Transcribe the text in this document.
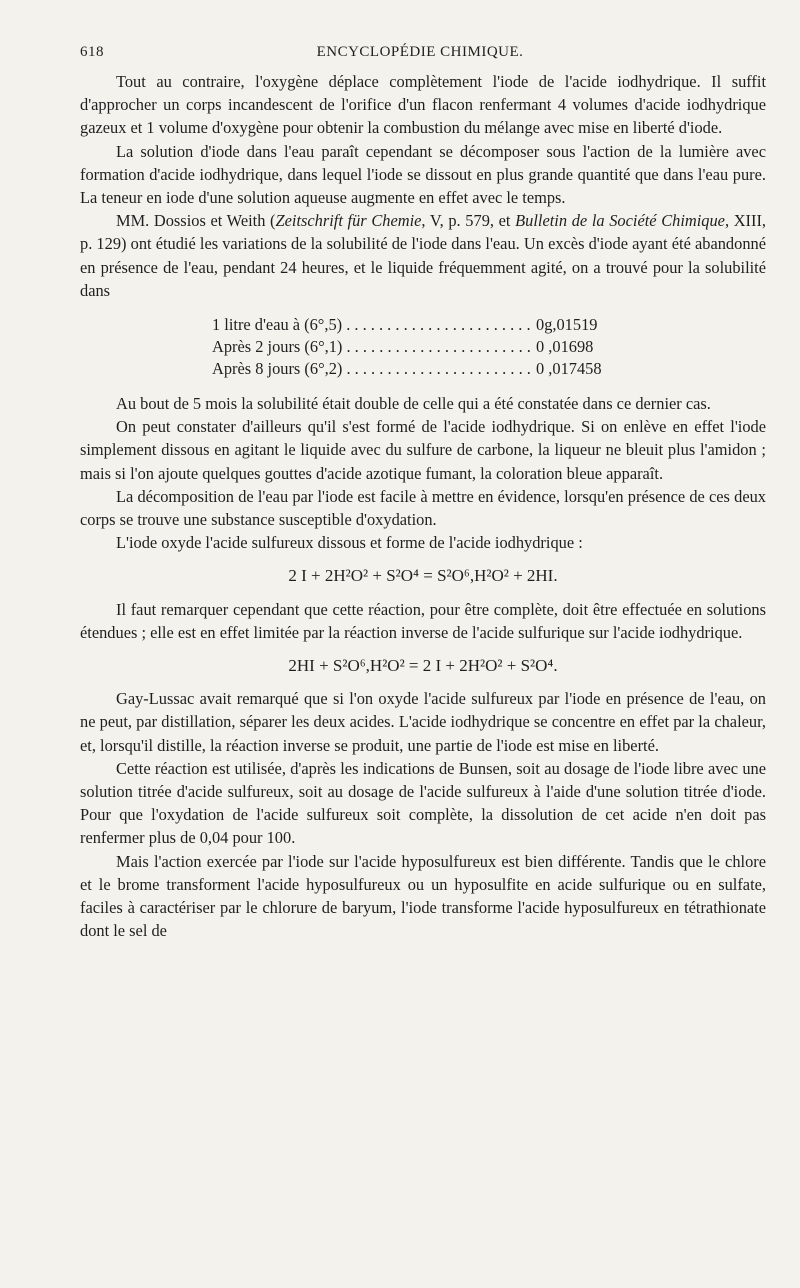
618	ENCYCLOPÉDIE CHIMIQUE.

Tout au contraire, l'oxygène déplace complètement l'iode de l'acide iodhydrique. Il suffit d'approcher un corps incandescent de l'orifice d'un flacon renfermant 4 volumes d'acide iodhydrique gazeux et 1 volume d'oxygène pour obtenir la combustion du mélange avec mise en liberté d'iode.

La solution d'iode dans l'eau paraît cependant se décomposer sous l'action de la lumière avec formation d'acide iodhydrique, dans lequel l'iode se dissout en plus grande quantité que dans l'eau pure. La teneur en iode d'une solution aqueuse augmente en effet avec le temps.

MM. Dossios et Weith (Zeitschrift für Chemie, V, p. 579, et Bulletin de la Société Chimique, XIII, p. 129) ont étudié les variations de la solubilité de l'iode dans l'eau. Un excès d'iode ayant été abandonné en présence de l'eau, pendant 24 heures, et le liquide fréquemment agité, on a trouvé pour la solubilité dans

1 litre d'eau à (6°,5) . . .	0g,01519
Après 2 jours (6°,1) . . .	0 ,01698
Après 8 jours (6°,2) . . .	0 ,017458

Au bout de 5 mois la solubilité était double de celle qui a été constatée dans ce dernier cas.

On peut constater d'ailleurs qu'il s'est formé de l'acide iodhydrique. Si on enlève en effet l'iode simplement dissous en agitant le liquide avec du sulfure de carbone, la liqueur ne bleuit plus l'amidon ; mais si l'on ajoute quelques gouttes d'acide azotique fumant, la coloration bleue apparaît.

La décomposition de l'eau par l'iode est facile à mettre en évidence, lorsqu'en présence de ces deux corps se trouve une substance susceptible d'oxydation.

L'iode oxyde l'acide sulfureux dissous et forme de l'acide iodhydrique :

2 I + 2H²O² + S²O⁴ = S²O⁶,H²O² + 2HI.

Il faut remarquer cependant que cette réaction, pour être complète, doit être effectuée en solutions étendues ; elle est en effet limitée par la réaction inverse de l'acide sulfurique sur l'acide iodhydrique.

2HI + S²O⁶,H²O² = 2 I + 2H²O² + S²O⁴.

Gay-Lussac avait remarqué que si l'on oxyde l'acide sulfureux par l'iode en présence de l'eau, on ne peut, par distillation, séparer les deux acides. L'acide iodhydrique se concentre en effet par la chaleur, et, lorsqu'il distille, la réaction inverse se produit, une partie de l'iode est mise en liberté.

Cette réaction est utilisée, d'après les indications de Bunsen, soit au dosage de l'iode libre avec une solution titrée d'acide sulfureux, soit au dosage de l'acide sulfureux à l'aide d'une solution titrée d'iode. Pour que l'oxydation de l'acide sulfureux soit complète, la dissolution de cet acide n'en doit pas renfermer plus de 0,04 pour 100.

Mais l'action exercée par l'iode sur l'acide hyposulfureux est bien différente. Tandis que le chlore et le brome transforment l'acide hyposulfureux ou un hyposulfite en acide sulfurique ou en sulfate, faciles à caractériser par le chlorure de baryum, l'iode transforme l'acide hyposulfureux en tétrathionate dont le sel de
